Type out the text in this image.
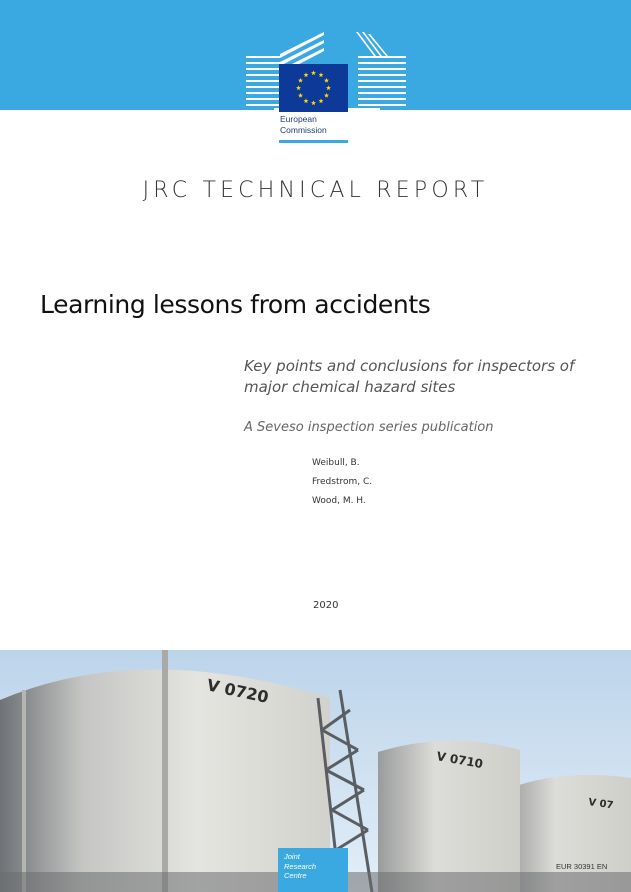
European
Commission
JRC TECHNICAL REPORT
Learning lessons from accidents
Key points and conclusions for inspectors of
major chemical hazard sites
A Seveso inspection series publication
Weibull, B.
Fredstrom, C.
Wood, M. H.
2020
V 0720
V 0710
V 07
Joint
Research
Centre
EUR 30391 EN
